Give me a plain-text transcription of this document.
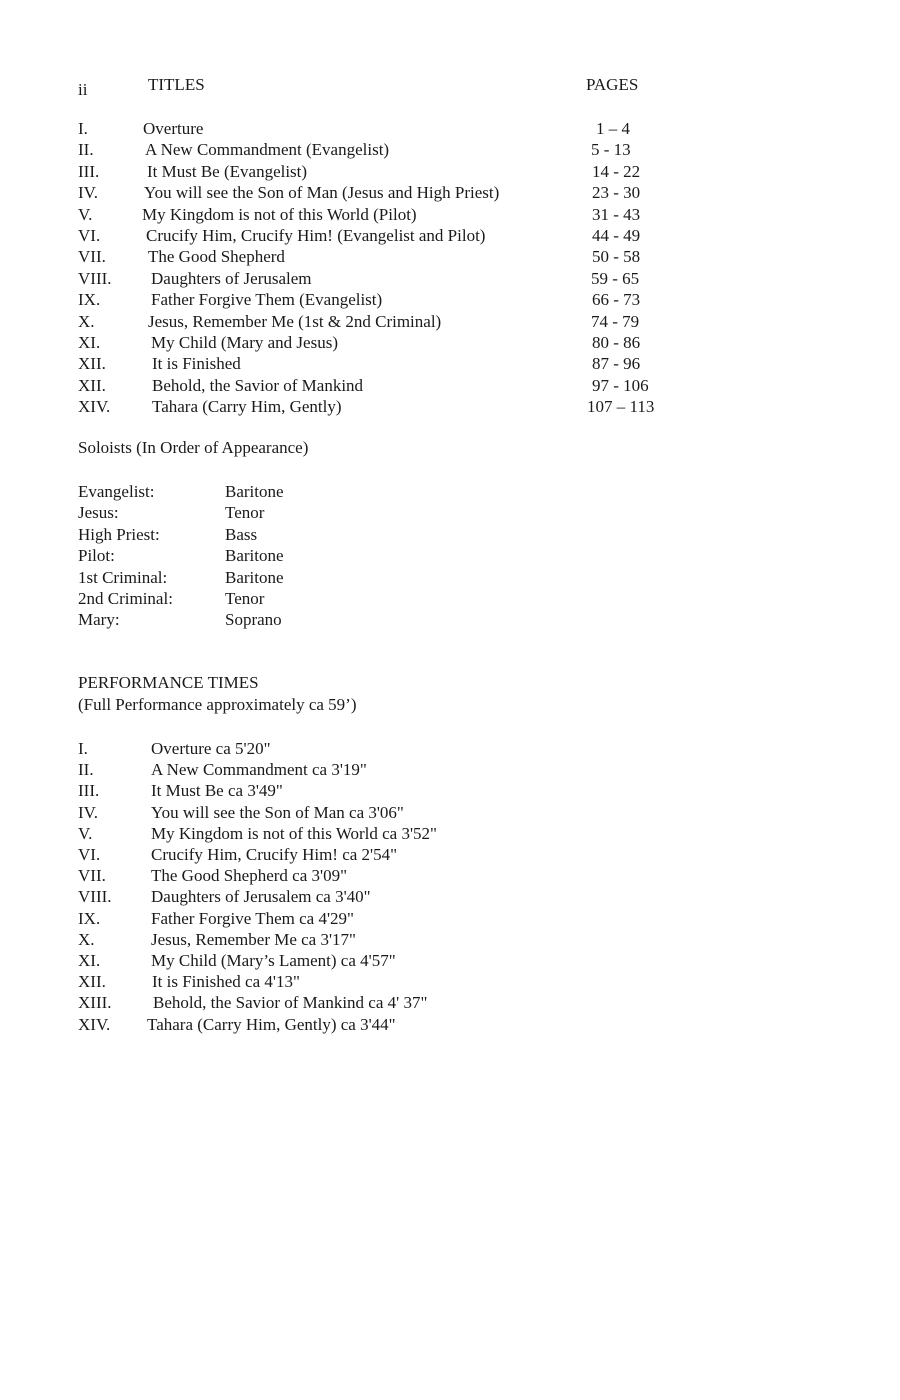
ii	TITLES	PAGES
I.	Overture	1 – 4
II.	A New Commandment (Evangelist)	5 - 13
III.	It Must Be (Evangelist)	14 - 22
IV.	You will see the Son of Man (Jesus and High Priest)	23 - 30
V.	My Kingdom is not of this World (Pilot)	31 - 43
VI.	Crucify Him, Crucify Him! (Evangelist and Pilot)	44 - 49
VII. The Good Shepherd	50 - 58
VIII. Daughters of Jerusalem	59 - 65
IX.	Father Forgive Them (Evangelist)	66 - 73
X.	Jesus, Remember Me (1st & 2nd Criminal)	74 - 79
XI.	My Child (Mary and Jesus)	80 - 86
XII.	It is Finished	87 - 96
XII.	Behold, the Savior of Mankind	97 - 106
XIV. Tahara (Carry Him, Gently)	107 – 113
Soloists (In Order of Appearance)
Evangelist:	Baritone
Jesus:	Tenor
High Priest:	Bass
Pilot:	Baritone
1st Criminal:	Baritone
2nd Criminal:	Tenor
Mary:	Soprano
PERFORMANCE TIMES
(Full Performance approximately ca 59’)
I.	Overture ca 5'20"
II.	A New Commandment ca 3'19"
III.	It Must Be ca 3'49"
IV.	You will see the Son of Man ca 3'06"
V.	My Kingdom is not of this World ca 3'52"
VI.	Crucify Him, Crucify Him! ca 2'54"
VII.	The Good Shepherd ca 3'09"
VIII. Daughters of Jerusalem ca 3'40"
IX.	Father Forgive Them ca 4'29"
X.	Jesus, Remember Me ca 3'17"
XI.	My Child (Mary’s Lament) ca 4'57"
XII.	It is Finished ca 4'13"
XIII. Behold, the Savior of Mankind ca 4' 37"
XIV. Tahara (Carry Him, Gently) ca 3'44"
